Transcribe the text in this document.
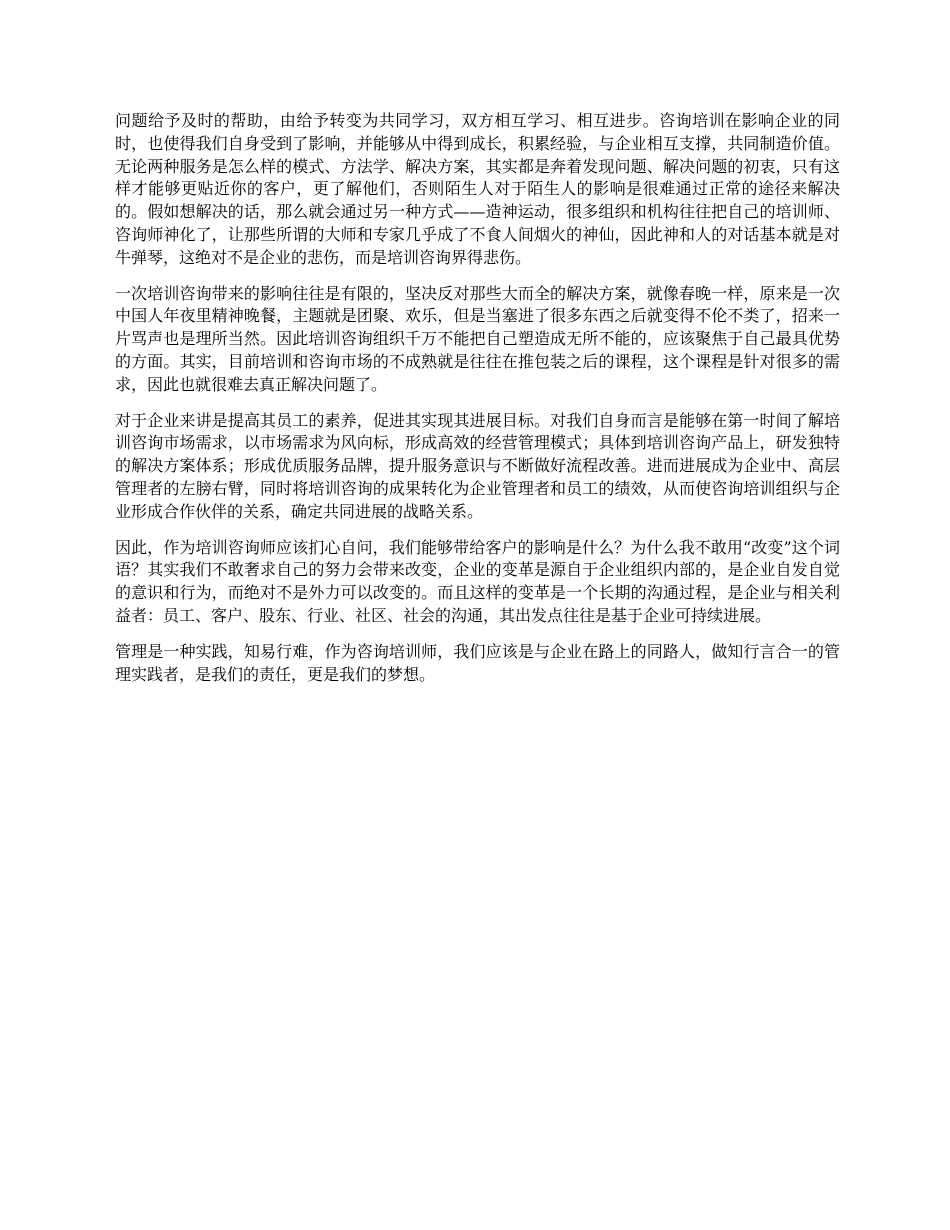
问题给予及时的帮助，由给予转变为共同学习，双方相互学习、相互进步。咨询培训在影响企业的同时，也使得我们自身受到了影响，并能够从中得到成长，积累经验，与企业相互支撑，共同制造价值。无论两种服务是怎么样的模式、方法学、解决方案，其实都是奔着发现问题、解决问题的初衷，只有这样才能够更贴近你的客户，更了解他们，否则陌生人对于陌生人的影响是很难通过正常的途径来解决的。假如想解决的话，那么就会通过另一种方式——造神运动，很多组织和机构往往把自己的培训师、咨询师神化了，让那些所谓的大师和专家几乎成了不食人间烟火的神仙，因此神和人的对话基本就是对牛弹琴，这绝对不是企业的悲伤，而是培训咨询界得悲伤。

一次培训咨询带来的影响往往是有限的，坚决反对那些大而全的解决方案，就像春晚一样，原来是一次中国人年夜里精神晚餐，主题就是团聚、欢乐，但是当塞进了很多东西之后就变得不伦不类了，招来一片骂声也是理所当然。因此培训咨询组织千万不能把自己塑造成无所不能的，应该聚焦于自己最具优势的方面。其实，目前培训和咨询市场的不成熟就是往往在推包装之后的课程，这个课程是针对很多的需求，因此也就很难去真正解决问题了。

对于企业来讲是提高其员工的素养，促进其实现其进展目标。对我们自身而言是能够在第一时间了解培训咨询市场需求，以市场需求为风向标，形成高效的经营管理模式；具体到培训咨询产品上，研发独特的解决方案体系；形成优质服务品牌，提升服务意识与不断做好流程改善。进而进展成为企业中、高层管理者的左膀右臂，同时将培训咨询的成果转化为企业管理者和员工的绩效，从而使咨询培训组织与企业形成合作伙伴的关系，确定共同进展的战略关系。

因此，作为培训咨询师应该扪心自问，我们能够带给客户的影响是什么？为什么我不敢用“改变”这个词语？其实我们不敢奢求自己的努力会带来改变，企业的变革是源自于企业组织内部的，是企业自发自觉的意识和行为，而绝对不是外力可以改变的。而且这样的变革是一个长期的沟通过程，是企业与相关利益者：员工、客户、股东、行业、社区、社会的沟通，其出发点往往是基于企业可持续进展。

管理是一种实践，知易行难，作为咨询培训师，我们应该是与企业在路上的同路人，做知行言合一的管理实践者，是我们的责任，更是我们的梦想。
